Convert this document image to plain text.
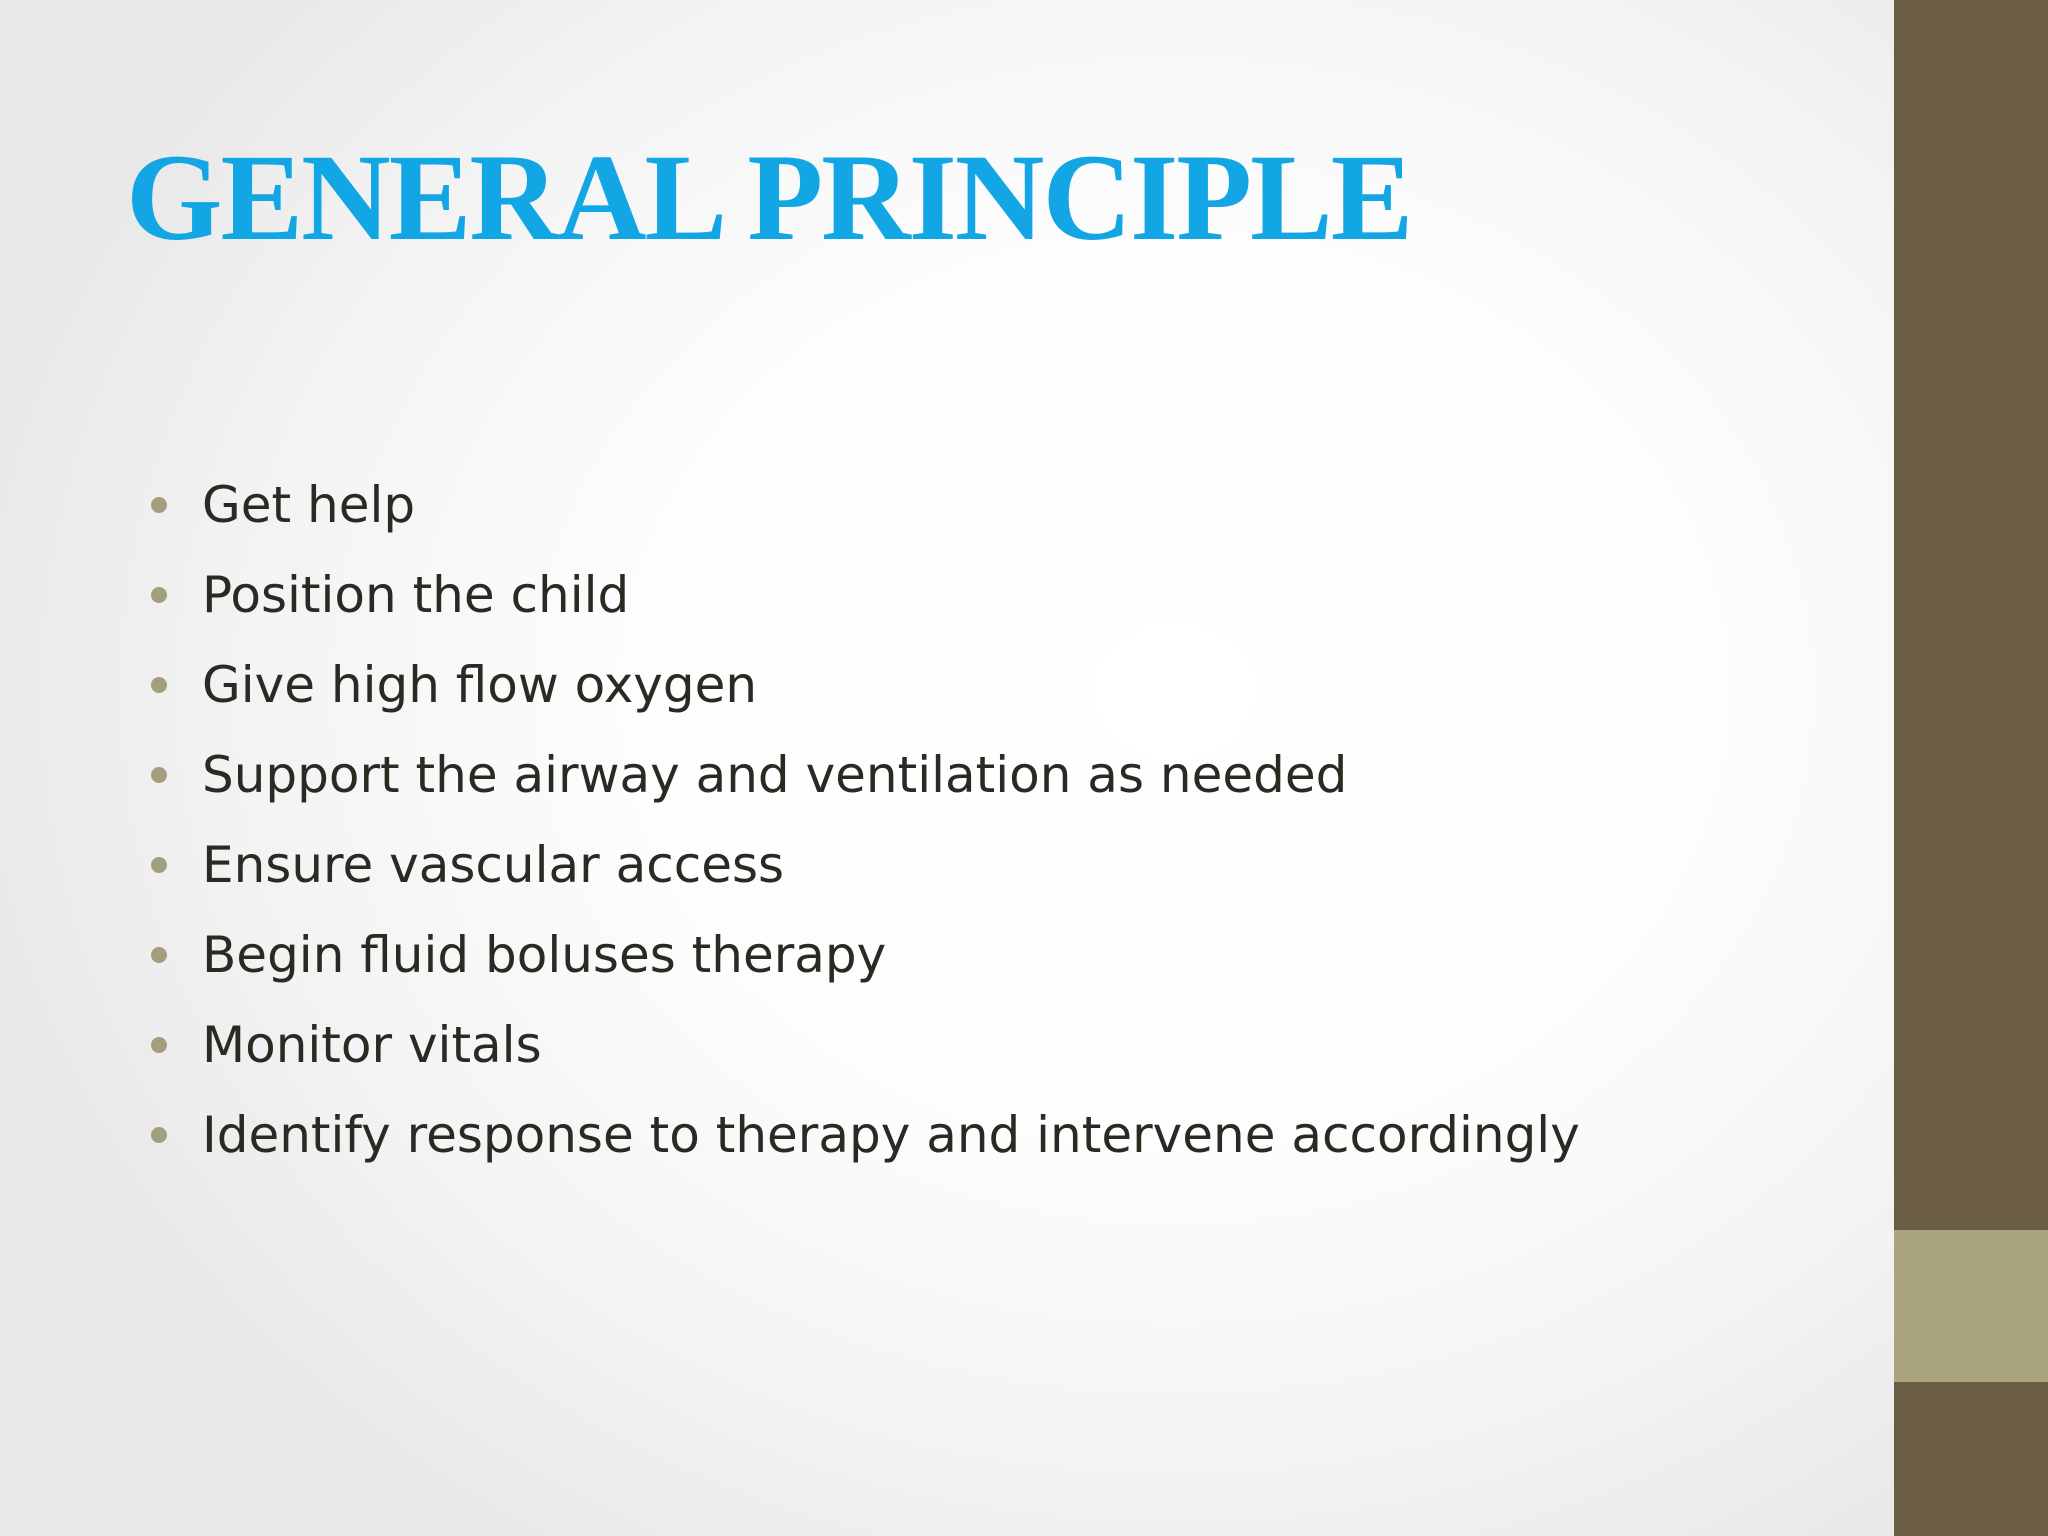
GENERAL PRINCIPLE
Get help
Position the child
Give high flow oxygen
Support the airway and ventilation as needed
Ensure vascular access
Begin fluid boluses therapy
Monitor vitals
Identify response to therapy and intervene accordingly
